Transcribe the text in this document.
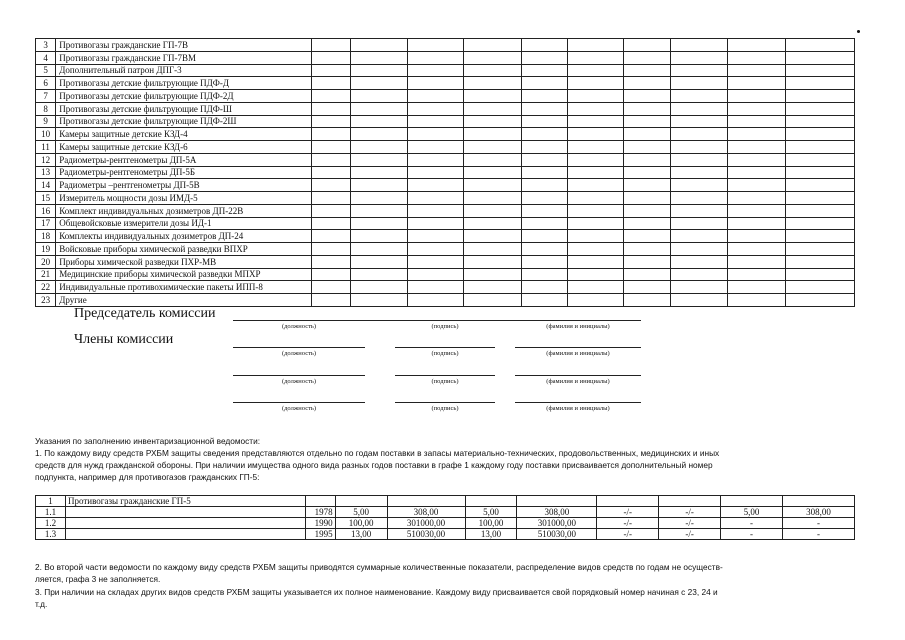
3	Противогазы гражданские ГП-7В										
4	Противогазы гражданские ГП-7ВМ										
5	Дополнительный патрон ДПГ-3										
6	Противогазы детские фильтрующие ПДФ-Д										
7	Противогазы детские фильтрующие ПДФ-2Д										
8	Противогазы детские фильтрующие ПДФ-Ш										
9	Противогазы детские фильтрующие ПДФ-2Ш										
10	Камеры защитные детские КЗД-4										
11	Камеры защитные детские КЗД-6										
12	Радиометры-рентгенометры ДП-5А										
13	Радиометры-рентгенометры ДП-5Б										
14	Радиометры –рентгенометры ДП-5В										
15	Измеритель мощности дозы ИМД-5										
16	Комплект индивидуальных дозиметров ДП-22В										
17	Общевойсковые измерители дозы ИД-1										
18	Комплекты индивидуальных дозиметров ДП-24										
19	Войсковые приборы химической разведки ВПХР										
20	Приборы химической разведки ПХР-МВ										
21	Медицинские приборы химической разведки МПХР										
22	Индивидуальные противохимические пакеты ИПП-8										
23	Другие										
Председатель комиссии
Члены комиссии
(должность)	(подпись)	(фамилия и инициалы)
(должность)	(подпись)	(фамилия и инициалы)
(должность)	(подпись)	(фамилия и инициалы)
(должность)	(подпись)	(фамилия и инициалы)
Указания по заполнению инвентаризационной ведомости:
1. По каждому виду средств РХБМ защиты сведения представляются отдельно по годам поставки в запасы материально-технических, продовольственных, медицинских и иных
средств для нужд гражданской обороны. При наличии имущества одного вида разных годов поставки в графе 1 каждому году поставки присваивается дополнительный номер
подпункта, например для противогазов гражданских ГП-5:
1	Противогазы гражданские ГП-5									
1.1		1978	5,00	308,00	5,00	308,00	-/-	-/-	5,00	308,00
1.2		1990	100,00	301000,00	100,00	301000,00	-/-	-/-	-	-
1.3		1995	13,00	510030,00	13,00	510030,00	-/-	-/-	-	-
2. Во второй части ведомости по каждому виду средств РХБМ защиты приводятся суммарные количественные показатели, распределение видов средств по годам не осуществ-
ляется, графа 3 не заполняется.
3. При наличии на складах других видов средств РХБМ защиты указывается их полное наименование. Каждому виду присваивается свой порядковый номер начиная с 23, 24 и
т.д.
